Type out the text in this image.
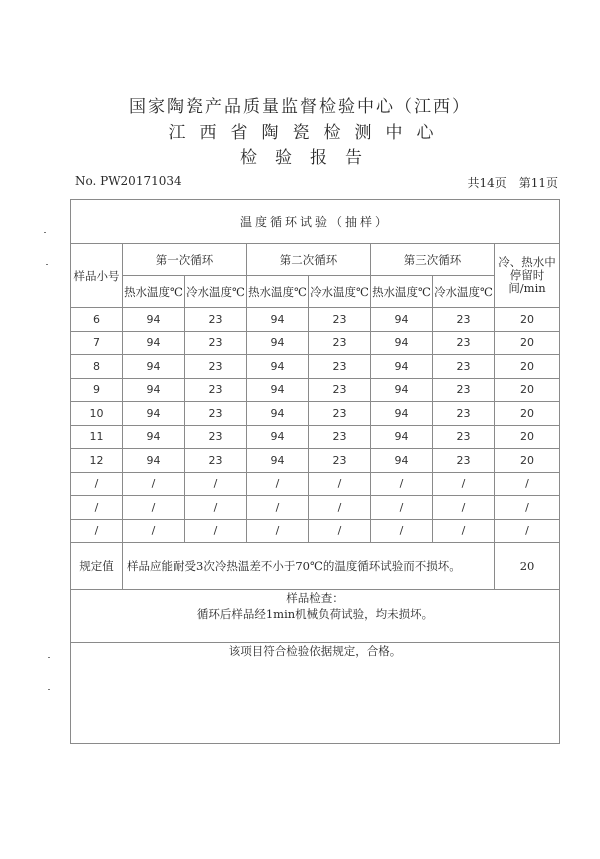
国家陶瓷产品质量监督检验中心（江西）
江西省陶瓷检测中心
检验报告
No. PW20171034	共14页　第11页
温度循环试验（抽样）							
样品小号	第一次循环		第二次循环		第三次循环		冷、热水中停留时间/min
	热水温度℃	冷水温度℃	热水温度℃	冷水温度℃	热水温度℃	冷水温度℃	
6	94	23	94	23	94	23	20
7	94	23	94	23	94	23	20
8	94	23	94	23	94	23	20
9	94	23	94	23	94	23	20
10	94	23	94	23	94	23	20
11	94	23	94	23	94	23	20
12	94	23	94	23	94	23	20
/	/	/	/	/	/	/	/
/	/	/	/	/	/	/	/
/	/	/	/	/	/	/	/
规定值	样品应能耐受3次冷热温差不小于70℃的温度循环试验而不损坏。						20

样品检查：
循环后样品经1min机械负荷试验，均未损坏。							

该项目符合检验依据规定，合格。							
